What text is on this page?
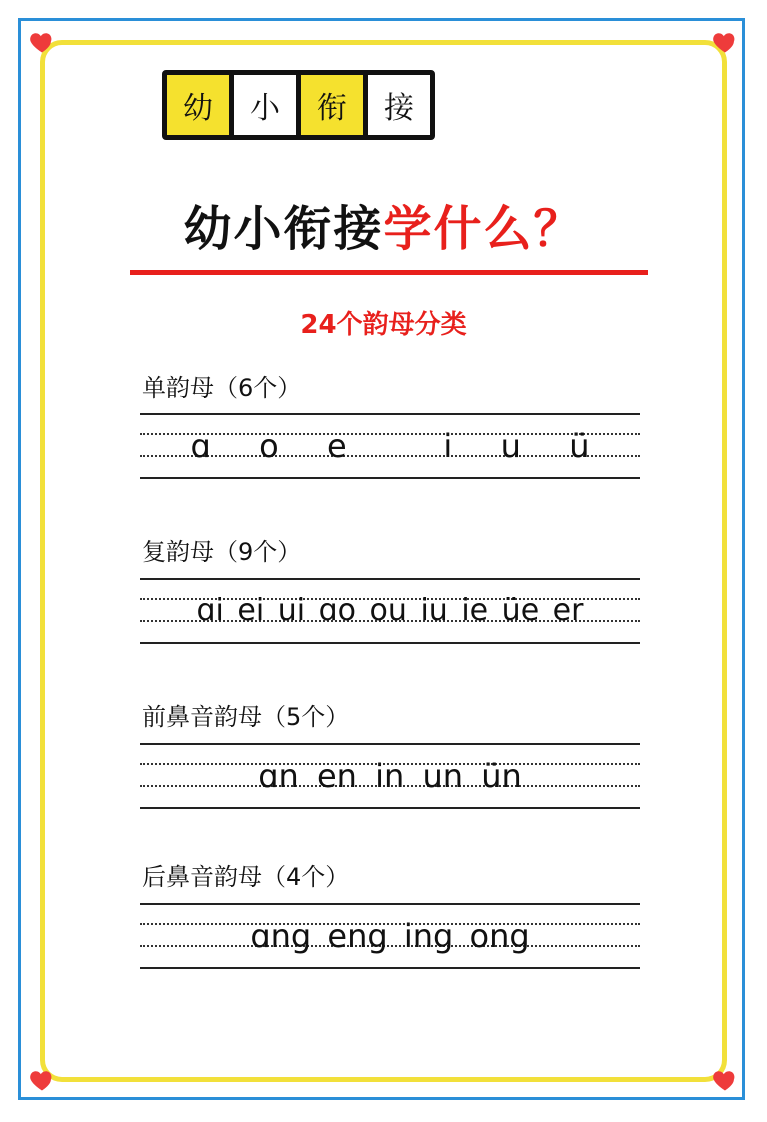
幼	小	衔	接
幼小衔接学什么？
24个韵母分类
单韵母（6个）
ɑ  o  e    i  u  ü
复韵母（9个）
ɑi ei ui ɑo ou iu ie üe er
前鼻音韵母（5个）
ɑn en in un ün
后鼻音韵母（4个）
ɑng eng ing ong
